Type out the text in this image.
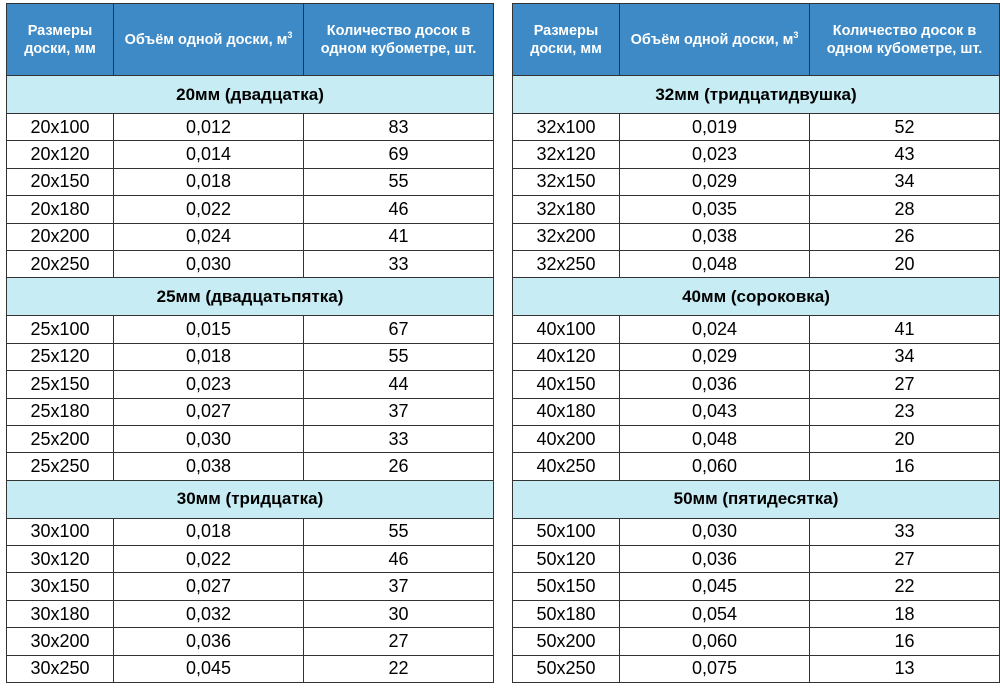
Размеры доски, мм	Объём одной доски, $м^3$	Количество досок в одном кубометре, шт.
20мм (двадцатка)		
20x100	0,012	83
20x120	0,014	69
20x150	0,018	55
20x180	0,022	46
20x200	0,024	41
20x250	0,030	33
25мм (двадцатьпятка)		
25x100	0,015	67
25x120	0,018	55
25x150	0,023	44
25x180	0,027	37
25x200	0,030	33
25x250	0,038	26
30мм (тридцатка)		
30x100	0,018	55
30x120	0,022	46
30x150	0,027	37
30x180	0,032	30
30x200	0,036	27
30x250	0,045	22
Размеры доски, мм	Объём одной доски, $м^3$	Количество досок в одном кубометре, шт.
32мм (тридцатидвушка)		
32x100	0,019	52
32x120	0,023	43
32x150	0,029	34
32x180	0,035	28
32x200	0,038	26
32x250	0,048	20
40мм (сороковка)		
40x100	0,024	41
40x120	0,029	34
40x150	0,036	27
40x180	0,043	23
40x200	0,048	20
40x250	0,060	16
50мм (пятидесятка)		
50x100	0,030	33
50x120	0,036	27
50x150	0,045	22
50x180	0,054	18
50x200	0,060	16
50x250	0,075	13
